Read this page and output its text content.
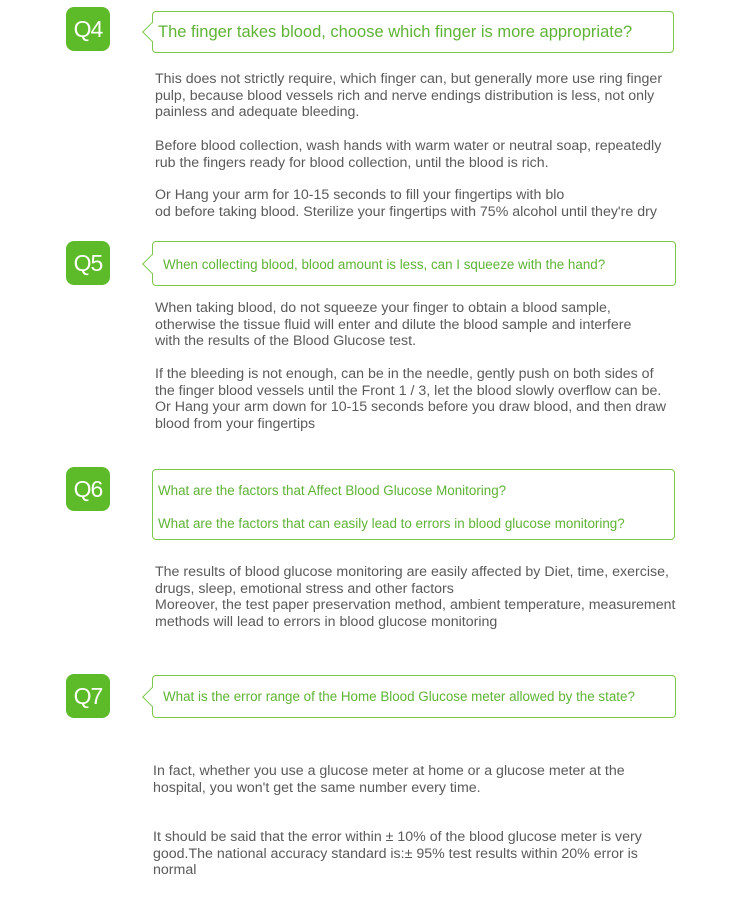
Q4	The finger takes blood, choose which finger is more appropriate?

This does not strictly require, which finger can, but generally more use ring finger
pulp, because blood vessels rich and nerve endings distribution is less, not only
painless and adequate bleeding.

Before blood collection, wash hands with warm water or neutral soap, repeatedly
rub the fingers ready for blood collection, until the blood is rich.

Or Hang your arm for 10-15 seconds to fill your fingertips with blo
od before taking blood. Sterilize your fingertips with 75% alcohol until they're dry

Q5	When collecting blood, blood amount is less, can I squeeze with the hand?

When taking blood, do not squeeze your finger to obtain a blood sample,
otherwise the tissue fluid will enter and dilute the blood sample and interfere
with the results of the Blood Glucose test.

If the bleeding is not enough, can be in the needle, gently push on both sides of
the finger blood vessels until the Front 1 / 3, let the blood slowly overflow can be.
Or Hang your arm down for 10-15 seconds before you draw blood, and then draw
blood from your fingertips

Q6	What are the factors that Affect Blood Glucose Monitoring?
What are the factors that can easily lead to errors in blood glucose monitoring?

The results of blood glucose monitoring are easily affected by Diet, time, exercise,
drugs, sleep, emotional stress and other factors
Moreover, the test paper preservation method, ambient temperature, measurement
methods will lead to errors in blood glucose monitoring

Q7	What is the error range of the Home Blood Glucose meter allowed by the state?

In fact, whether you use a glucose meter at home or a glucose meter at the
hospital, you won't get the same number every time.

It should be said that the error within ± 10% of the blood glucose meter is very
good.The national accuracy standard is:± 95% test results within 20% error is
normal
